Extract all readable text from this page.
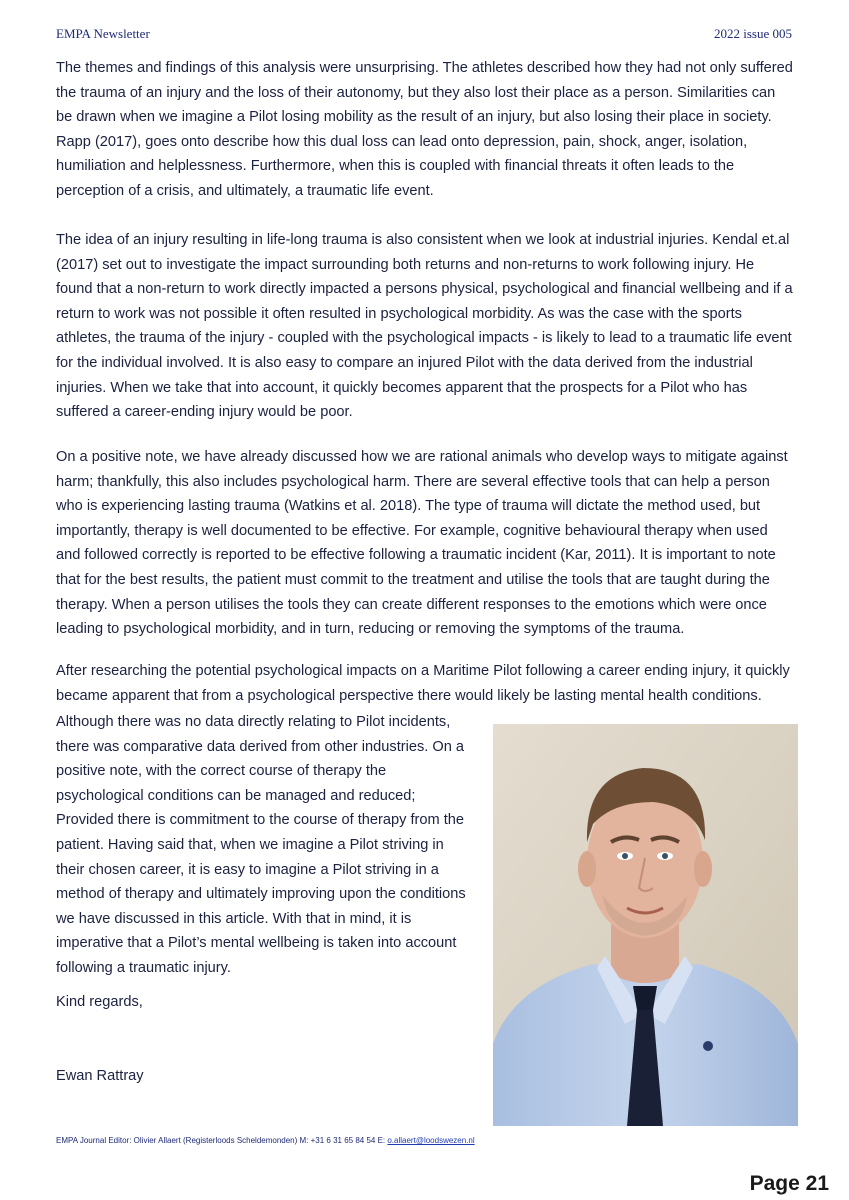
EMPA Newsletter	2022 issue 005

The themes and findings of this analysis were unsurprising. The athletes described how they had not only suffered the trauma of an injury and the loss of their autonomy, but they also lost their place as a person. Similarities can be drawn when we imagine a Pilot losing mobility as the result of an injury, but also losing their place in society. Rapp (2017), goes onto describe how this dual loss can lead onto depression, pain, shock, anger, isolation, humiliation and helplessness. Furthermore, when this is coupled with financial threats it often leads to the perception of a crisis, and ultimately, a traumatic life event.

The idea of an injury resulting in life-long trauma is also consistent when we look at industrial injuries. Kendal et.al (2017) set out to investigate the impact surrounding both returns and non-returns to work following injury. He found that a non-return to work directly impacted a persons physical, psychological and financial wellbeing and if a return to work was not possible it often resulted in psychological morbidity. As was the case with the sports athletes, the trauma of the injury - coupled with the psychological impacts - is likely to lead to a traumatic life event for the individual involved. It is also easy to compare an injured Pilot with the data derived from the industrial injuries. When we take that into account, it quickly becomes apparent that the prospects for a Pilot who has suffered a career-ending injury would be poor.

On a positive note, we have already discussed how we are rational animals who develop ways to mitigate against harm; thankfully, this also includes psychological harm. There are several effective tools that can help a person who is experiencing lasting trauma (Watkins et al. 2018). The type of trauma will dictate the method used, but importantly, therapy is well documented to be effective. For example, cognitive behavioural therapy when used and followed correctly is reported to be effective following a traumatic incident (Kar, 2011). It is important to note that for the best results, the patient must commit to the treatment and utilise the tools that are taught during the therapy. When a person utilises the tools they can create different responses to the emotions which were once leading to psychological morbidity, and in turn, reducing or removing the symptoms of the trauma.

After researching the potential psychological impacts on a Maritime Pilot following a career ending injury, it quickly became apparent that from a psychological perspective there would likely be lasting mental health conditions.

Although there was no data directly relating to Pilot incidents, there was comparative data derived from other industries. On a positive note, with the correct course of therapy the psychological conditions can be managed and reduced; Provided there is commitment to the course of therapy from the patient. Having said that, when we imagine a Pilot striving in their chosen career, it is easy to imagine a Pilot striving in a method of therapy and ultimately improving upon the conditions we have discussed in this article. With that in mind, it is imperative that a Pilot’s mental wellbeing is taken into account following a traumatic injury.

Kind regards,

Ewan Rattray

EMPA Journal Editor: Olivier Allaert (Registerloods Scheldemonden) M: +31 6 31 65 84 54 E: o.allaert@loodswezen.nl
Page 21
